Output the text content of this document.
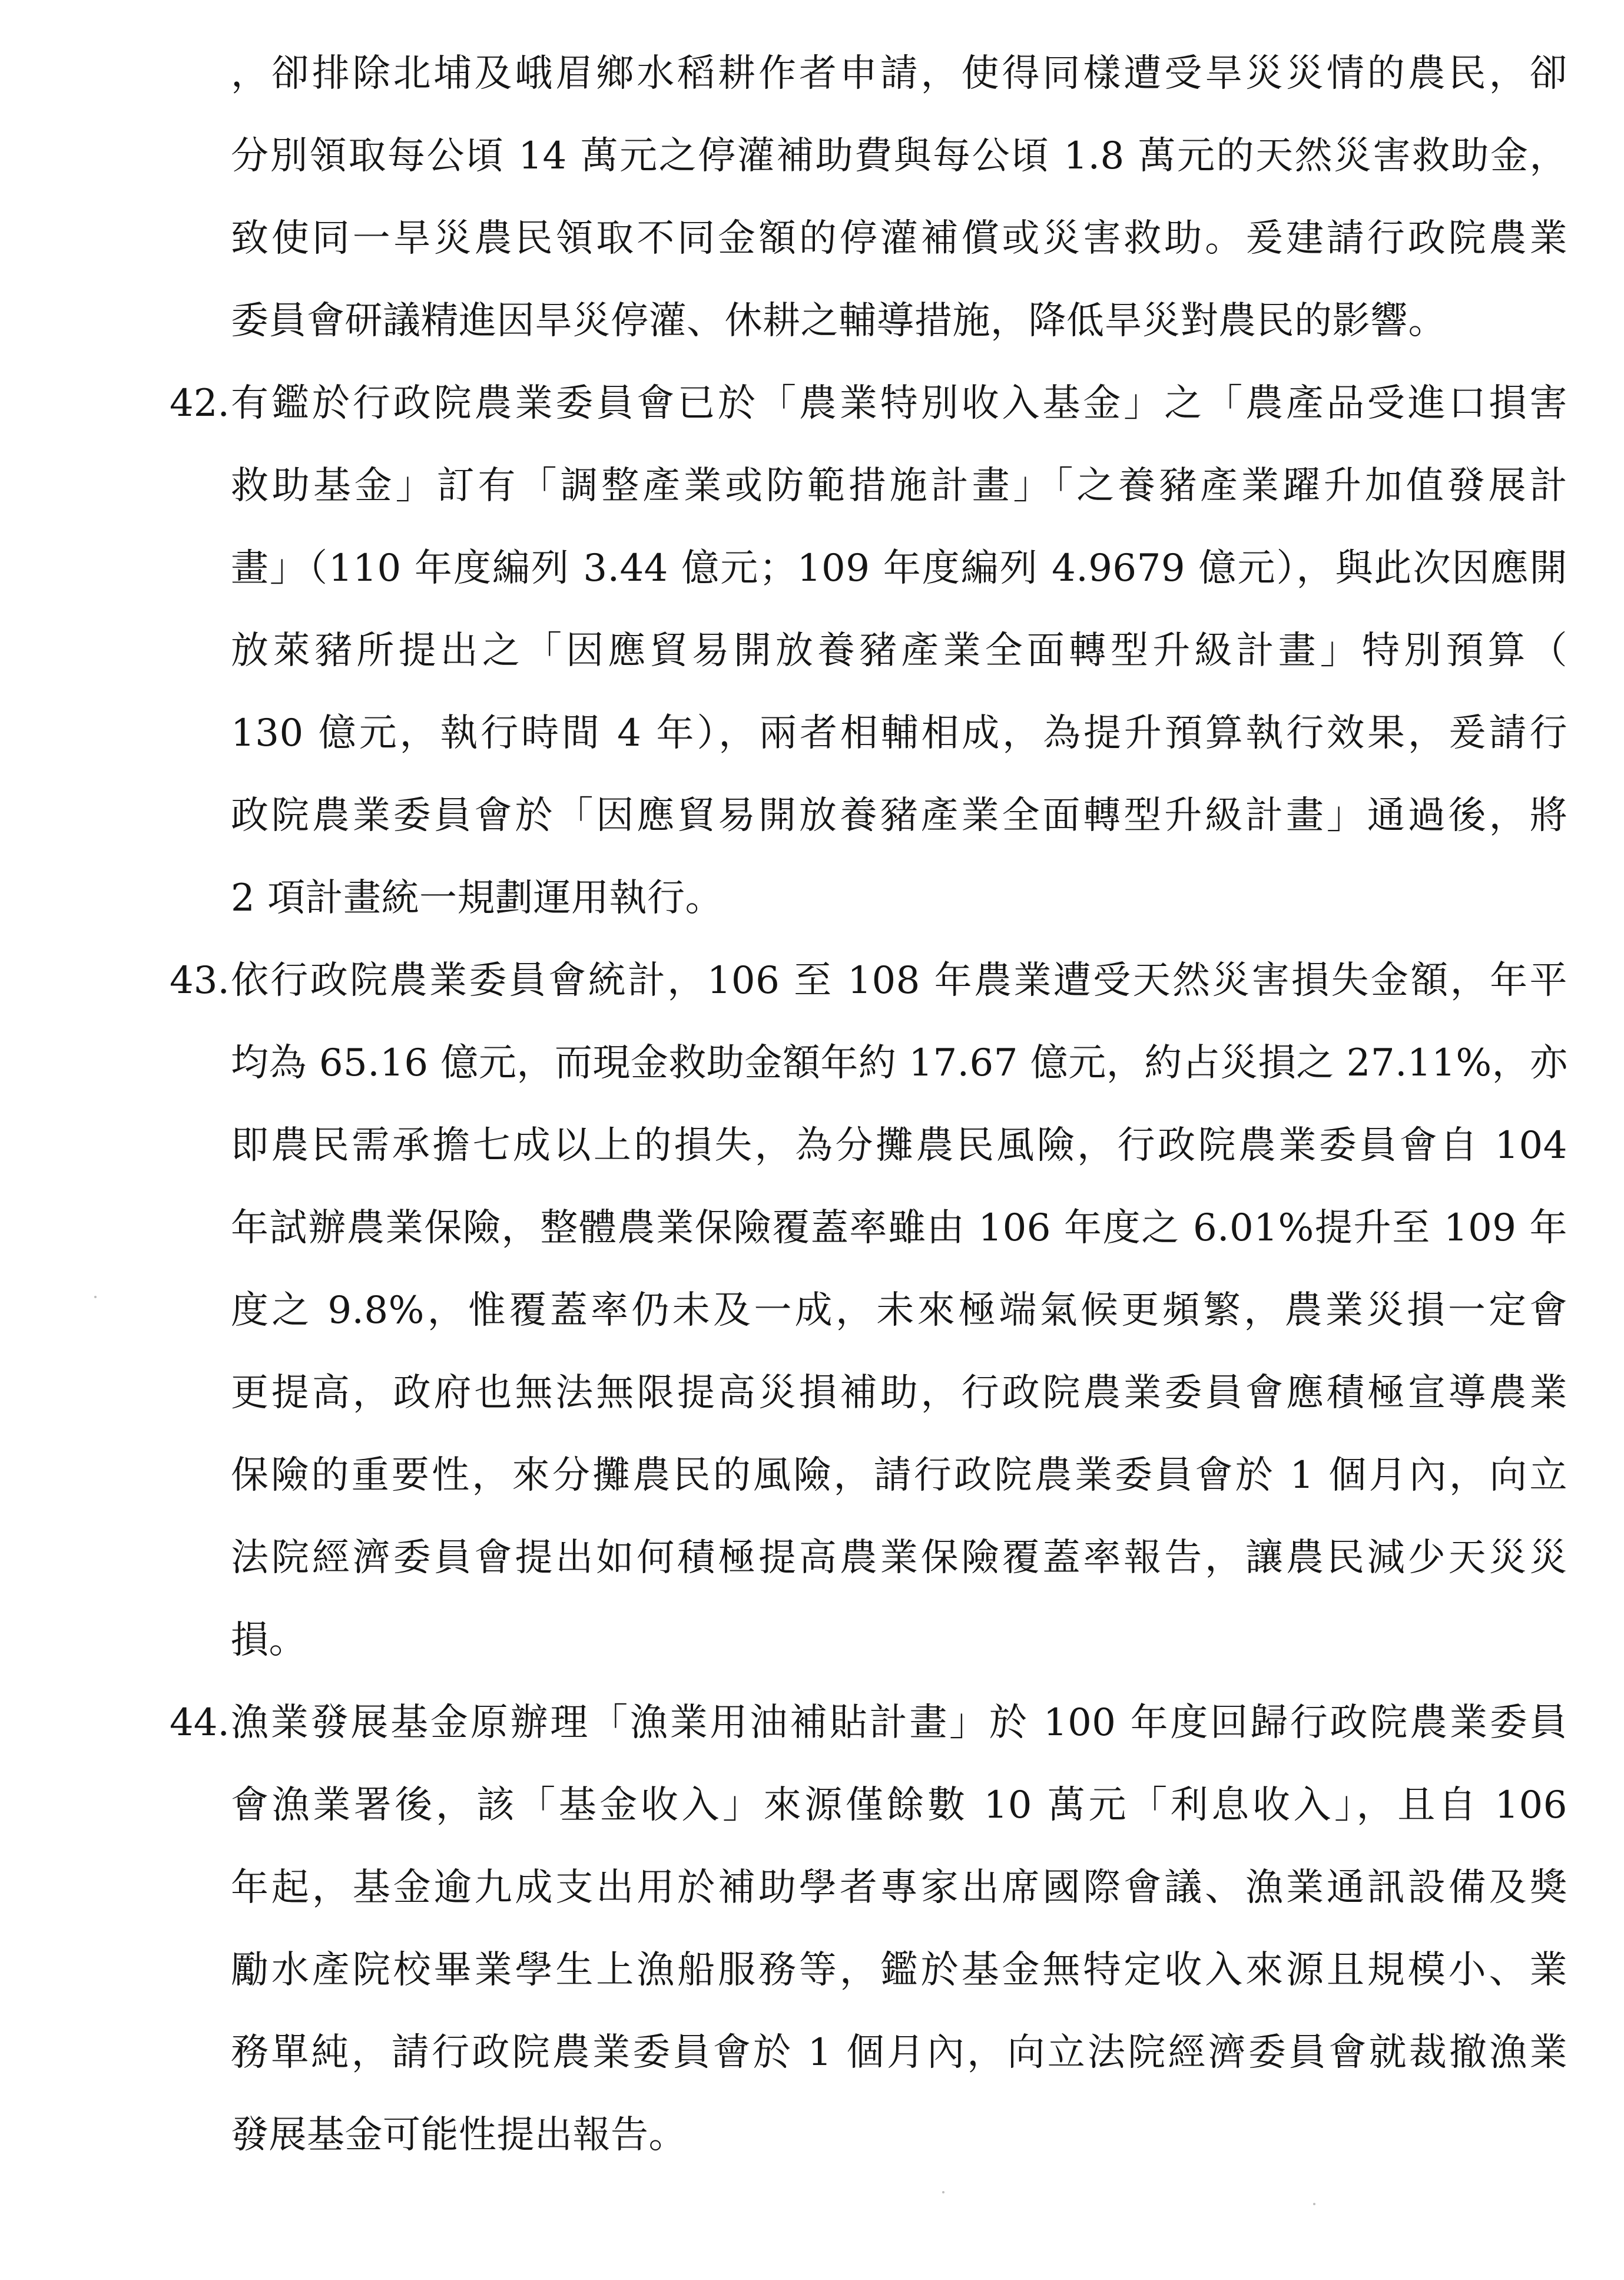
，卻排除北埔及峨眉鄉水稻耕作者申請，使得同樣遭受旱災災情的農民，卻
分別領取每公頃 14 萬元之停灌補助費與每公頃 1.8 萬元的天然災害救助金，
致使同一旱災農民領取不同金額的停灌補償或災害救助。爰建請行政院農業
委員會研議精進因旱災停灌、休耕之輔導措施，降低旱災對農民的影響。
42. 有鑑於行政院農業委員會已於「農業特別收入基金」之「農產品受進口損害
救助基金」訂有「調整產業或防範措施計畫」「之養豬產業躍升加值發展計
畫」（110 年度編列 3.44 億元；109 年度編列 4.9679 億元），與此次因應開
放萊豬所提出之「因應貿易開放養豬產業全面轉型升級計畫」特別預算（
130 億元，執行時間 4 年），兩者相輔相成，為提升預算執行效果，爰請行
政院農業委員會於「因應貿易開放養豬產業全面轉型升級計畫」通過後，將
2 項計畫統一規劃運用執行。
43. 依行政院農業委員會統計，106 至 108 年農業遭受天然災害損失金額，年平
均為 65.16 億元，而現金救助金額年約 17.67 億元，約占災損之 27.11%，亦
即農民需承擔七成以上的損失，為分攤農民風險，行政院農業委員會自 104
年試辦農業保險，整體農業保險覆蓋率雖由 106 年度之 6.01%提升至 109 年
度之 9.8%，惟覆蓋率仍未及一成，未來極端氣候更頻繁，農業災損一定會
更提高，政府也無法無限提高災損補助，行政院農業委員會應積極宣導農業
保險的重要性，來分攤農民的風險，請行政院農業委員會於 1 個月內，向立
法院經濟委員會提出如何積極提高農業保險覆蓋率報告，讓農民減少天災災
損。
44. 漁業發展基金原辦理「漁業用油補貼計畫」於 100 年度回歸行政院農業委員
會漁業署後，該「基金收入」來源僅餘數 10 萬元「利息收入」，且自 106
年起，基金逾九成支出用於補助學者專家出席國際會議、漁業通訊設備及獎
勵水產院校畢業學生上漁船服務等，鑑於基金無特定收入來源且規模小、業
務單純，請行政院農業委員會於 1 個月內，向立法院經濟委員會就裁撤漁業
發展基金可能性提出報告。
